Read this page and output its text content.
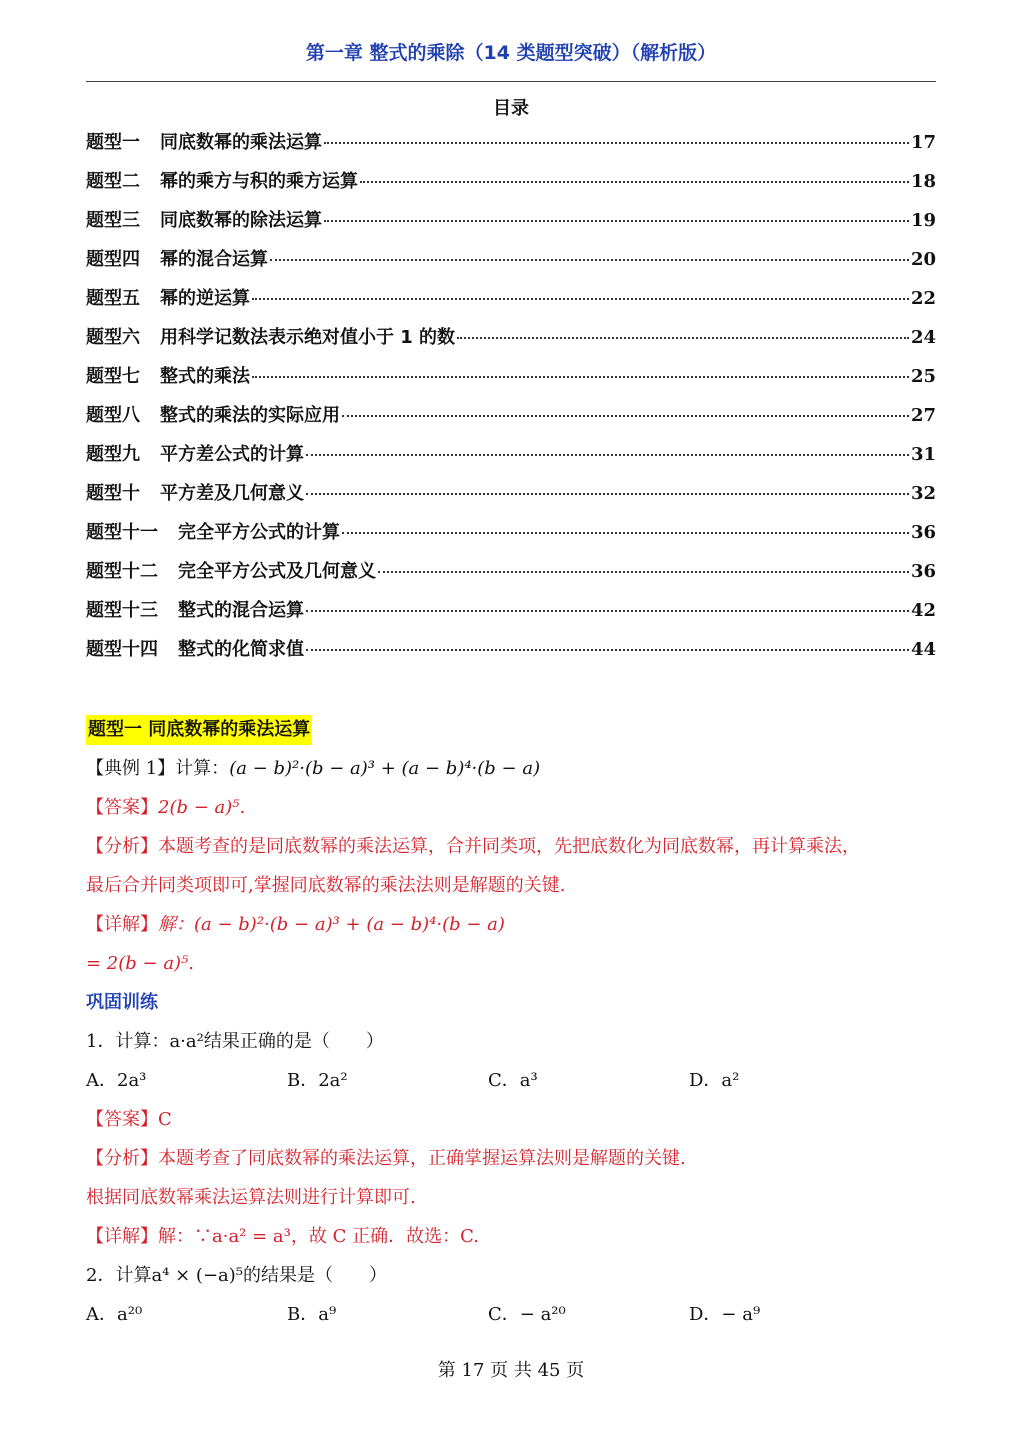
第一章 整式的乘除（14 类题型突破）（解析版）
目录
题型一 同底数幂的乘法运算	17
题型二 幂的乘方与积的乘方运算	18
题型三 同底数幂的除法运算	19
题型四 幂的混合运算	20
题型五 幂的逆运算	22
题型六 用科学记数法表示绝对值小于 1 的数	24
题型七 整式的乘法	25
题型八 整式的乘法的实际应用	27
题型九 平方差公式的计算	31
题型十 平方差及几何意义	32
题型十一 完全平方公式的计算	36
题型十二 完全平方公式及几何意义	36
题型十三 整式的混合运算	42
题型十四 整式的化简求值	44
题型一 同底数幂的乘法运算
【典例 1】计算：(a − b)²·(b − a)³ + (a − b)⁴·(b − a)
【答案】2(b − a)⁵.
【分析】本题考查的是同底数幂的乘法运算，合并同类项，先把底数化为同底数幂，再计算乘法，
最后合并同类项即可,掌握同底数幂的乘法法则是解题的关键.
【详解】解：(a − b)²·(b − a)³ + (a − b)⁴·(b − a)
= 2(b − a)⁵.
巩固训练
1．计算：a·a²结果正确的是（　　）
A．2a³	B．2a²	C．a³	D．a²
【答案】C
【分析】本题考查了同底数幂的乘法运算，正确掌握运算法则是解题的关键.
根据同底数幂乘法运算法则进行计算即可.
【详解】解：∵a·a² = a³，故 C 正确．故选：C.
2．计算a⁴ × (−a)⁵的结果是（　　）
A．a²⁰	B．a⁹	C．− a²⁰	D．− a⁹
第 17 页 共 45 页
